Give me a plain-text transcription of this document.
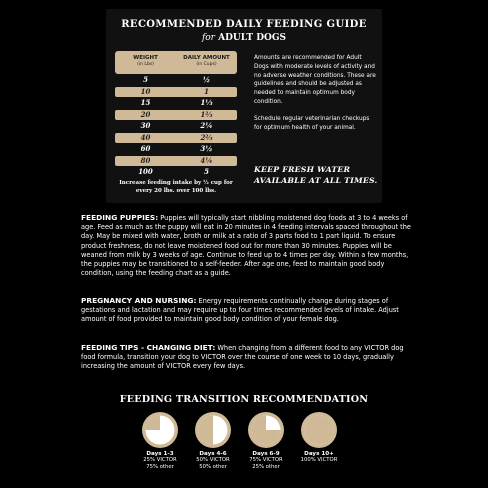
RECOMMENDED DAILY FEEDING GUIDE
for ADULT DOGS
WEIGHT
(in Lbs)
DAILY AMOUNT
(in Cups)
5	½
10	1
15	1⅓
20	1⅔
30	2¼
40	2⅔
60	3½
80	4¼
100	5
Increase feeding intake by ½ cup for every 20 lbs. over 100 lbs.

Amounts are recommended for Adult Dogs with moderate levels of activity and no adverse weather conditions. These are guidelines and should be adjusted as needed to maintain optimum body condition.

Schedule regular veterinarian checkups for optimum health of your animal.

KEEP FRESH WATER AVAILABLE AT ALL TIMES.
FEEDING PUPPIES: Puppies will typically start nibbling moistened dog foods at 3 to 4 weeks of age. Feed as much as the puppy will eat in 20 minutes in 4 feeding intervals spaced throughout the day. May be mixed with water, broth or milk at a ratio of 3 parts food to 1 part liquid. To ensure product freshness, do not leave moistened food out for more than 30 minutes. Puppies will be weaned from milk by 3 weeks of age. Continue to feed up to 4 times per day. Within a few months, the puppies may be transitioned to a self-feeder. After age one, feed to maintain good body condition, using the feeding chart as a guide.
PREGNANCY AND NURSING: Energy requirements continually change during stages of gestations and lactation and may require up to four times recommended levels of intake. Adjust amount of food provided to maintain good body condition of your female dog.
FEEDING TIPS - CHANGING DIET: When changing from a different food to any VICTOR dog food formula, transition your dog to VICTOR over the course of one week to 10 days, gradually increasing the amount of VICTOR every few days.
FEEDING TRANSITION RECOMMENDATION
Days 1-3
25% VICTOR
75% other
Days 4-6
50% VICTOR
50% other
Days 6-9
75% VICTOR
25% other
Days 10+
100% VICTOR
